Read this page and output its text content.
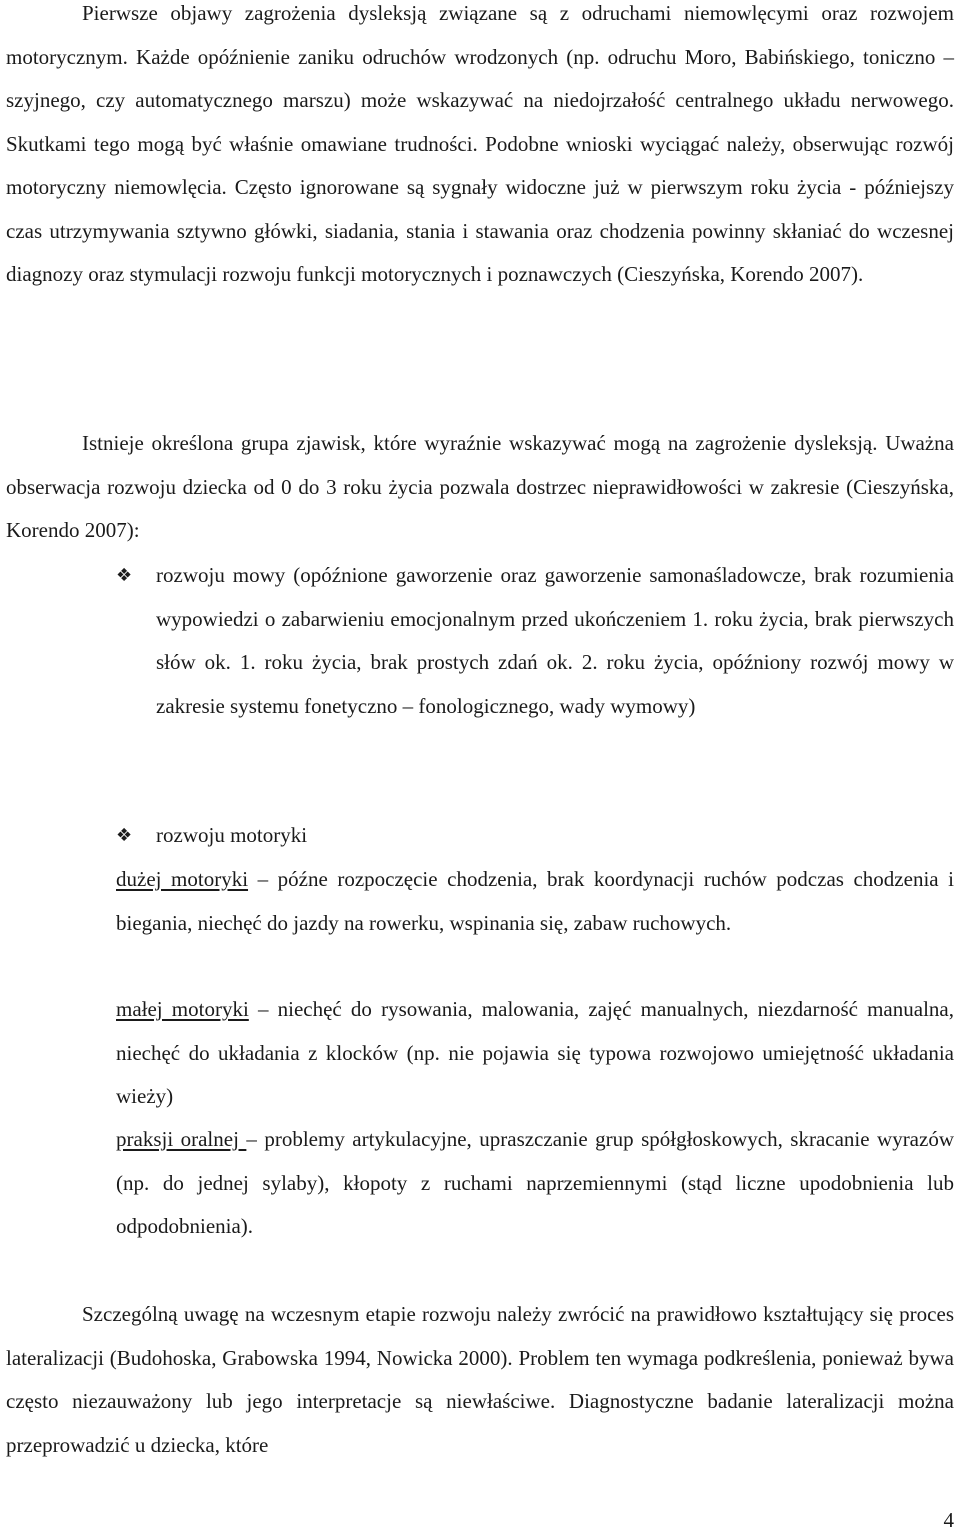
Pierwsze objawy zagrożenia dysleksją związane są z odruchami niemowlęcymi oraz rozwojem motorycznym. Każde opóźnienie zaniku odruchów wrodzonych (np. odruchu Moro, Babińskiego, toniczno – szyjnego, czy automatycznego marszu) może wskazywać na niedojrzałość centralnego układu nerwowego. Skutkami tego mogą być właśnie omawiane trudności. Podobne wnioski wyciągać należy, obserwując rozwój motoryczny niemowlęcia. Często ignorowane są sygnały widoczne już w pierwszym roku życia - późniejszy czas utrzymywania sztywno główki, siadania, stania i stawania oraz chodzenia powinny skłaniać do wczesnej diagnozy oraz stymulacji rozwoju funkcji motorycznych i poznawczych (Cieszyńska, Korendo 2007).

Istnieje określona grupa zjawisk, które wyraźnie wskazywać mogą na zagrożenie dysleksją. Uważna obserwacja rozwoju dziecka od 0 do 3 roku życia pozwala dostrzec nieprawidłowości w zakresie (Cieszyńska, Korendo 2007):

❖	rozwoju mowy (opóźnione gaworzenie oraz gaworzenie samonaśladowcze, brak rozumienia wypowiedzi o zabarwieniu emocjonalnym przed ukończeniem 1. roku życia, brak pierwszych słów ok. 1. roku życia, brak prostych zdań ok. 2. roku życia, opóźniony rozwój mowy w zakresie systemu fonetyczno – fonologicznego, wady wymowy)

❖	rozwoju motoryki

dużej motoryki – późne rozpoczęcie chodzenia, brak koordynacji ruchów podczas chodzenia i biegania, niechęć do jazdy na rowerku, wspinania się, zabaw ruchowych.

małej motoryki – niechęć do rysowania, malowania, zajęć manualnych, niezdarność manualna, niechęć do układania z klocków (np. nie pojawia się typowa rozwojowo umiejętność układania wieży)

praksji oralnej – problemy artykulacyjne, upraszczanie grup spółgłoskowych, skracanie wyrazów (np. do jednej sylaby), kłopoty z ruchami naprzemiennymi (stąd liczne upodobnienia lub odpodobnienia).

Szczególną uwagę na wczesnym etapie rozwoju należy zwrócić na prawidłowo kształtujący się proces lateralizacji (Budohoska, Grabowska 1994, Nowicka 2000). Problem ten wymaga podkreślenia, ponieważ bywa często niezauważony lub jego interpretacje są niewłaściwe. Diagnostyczne badanie lateralizacji można przeprowadzić u dziecka, które

4
